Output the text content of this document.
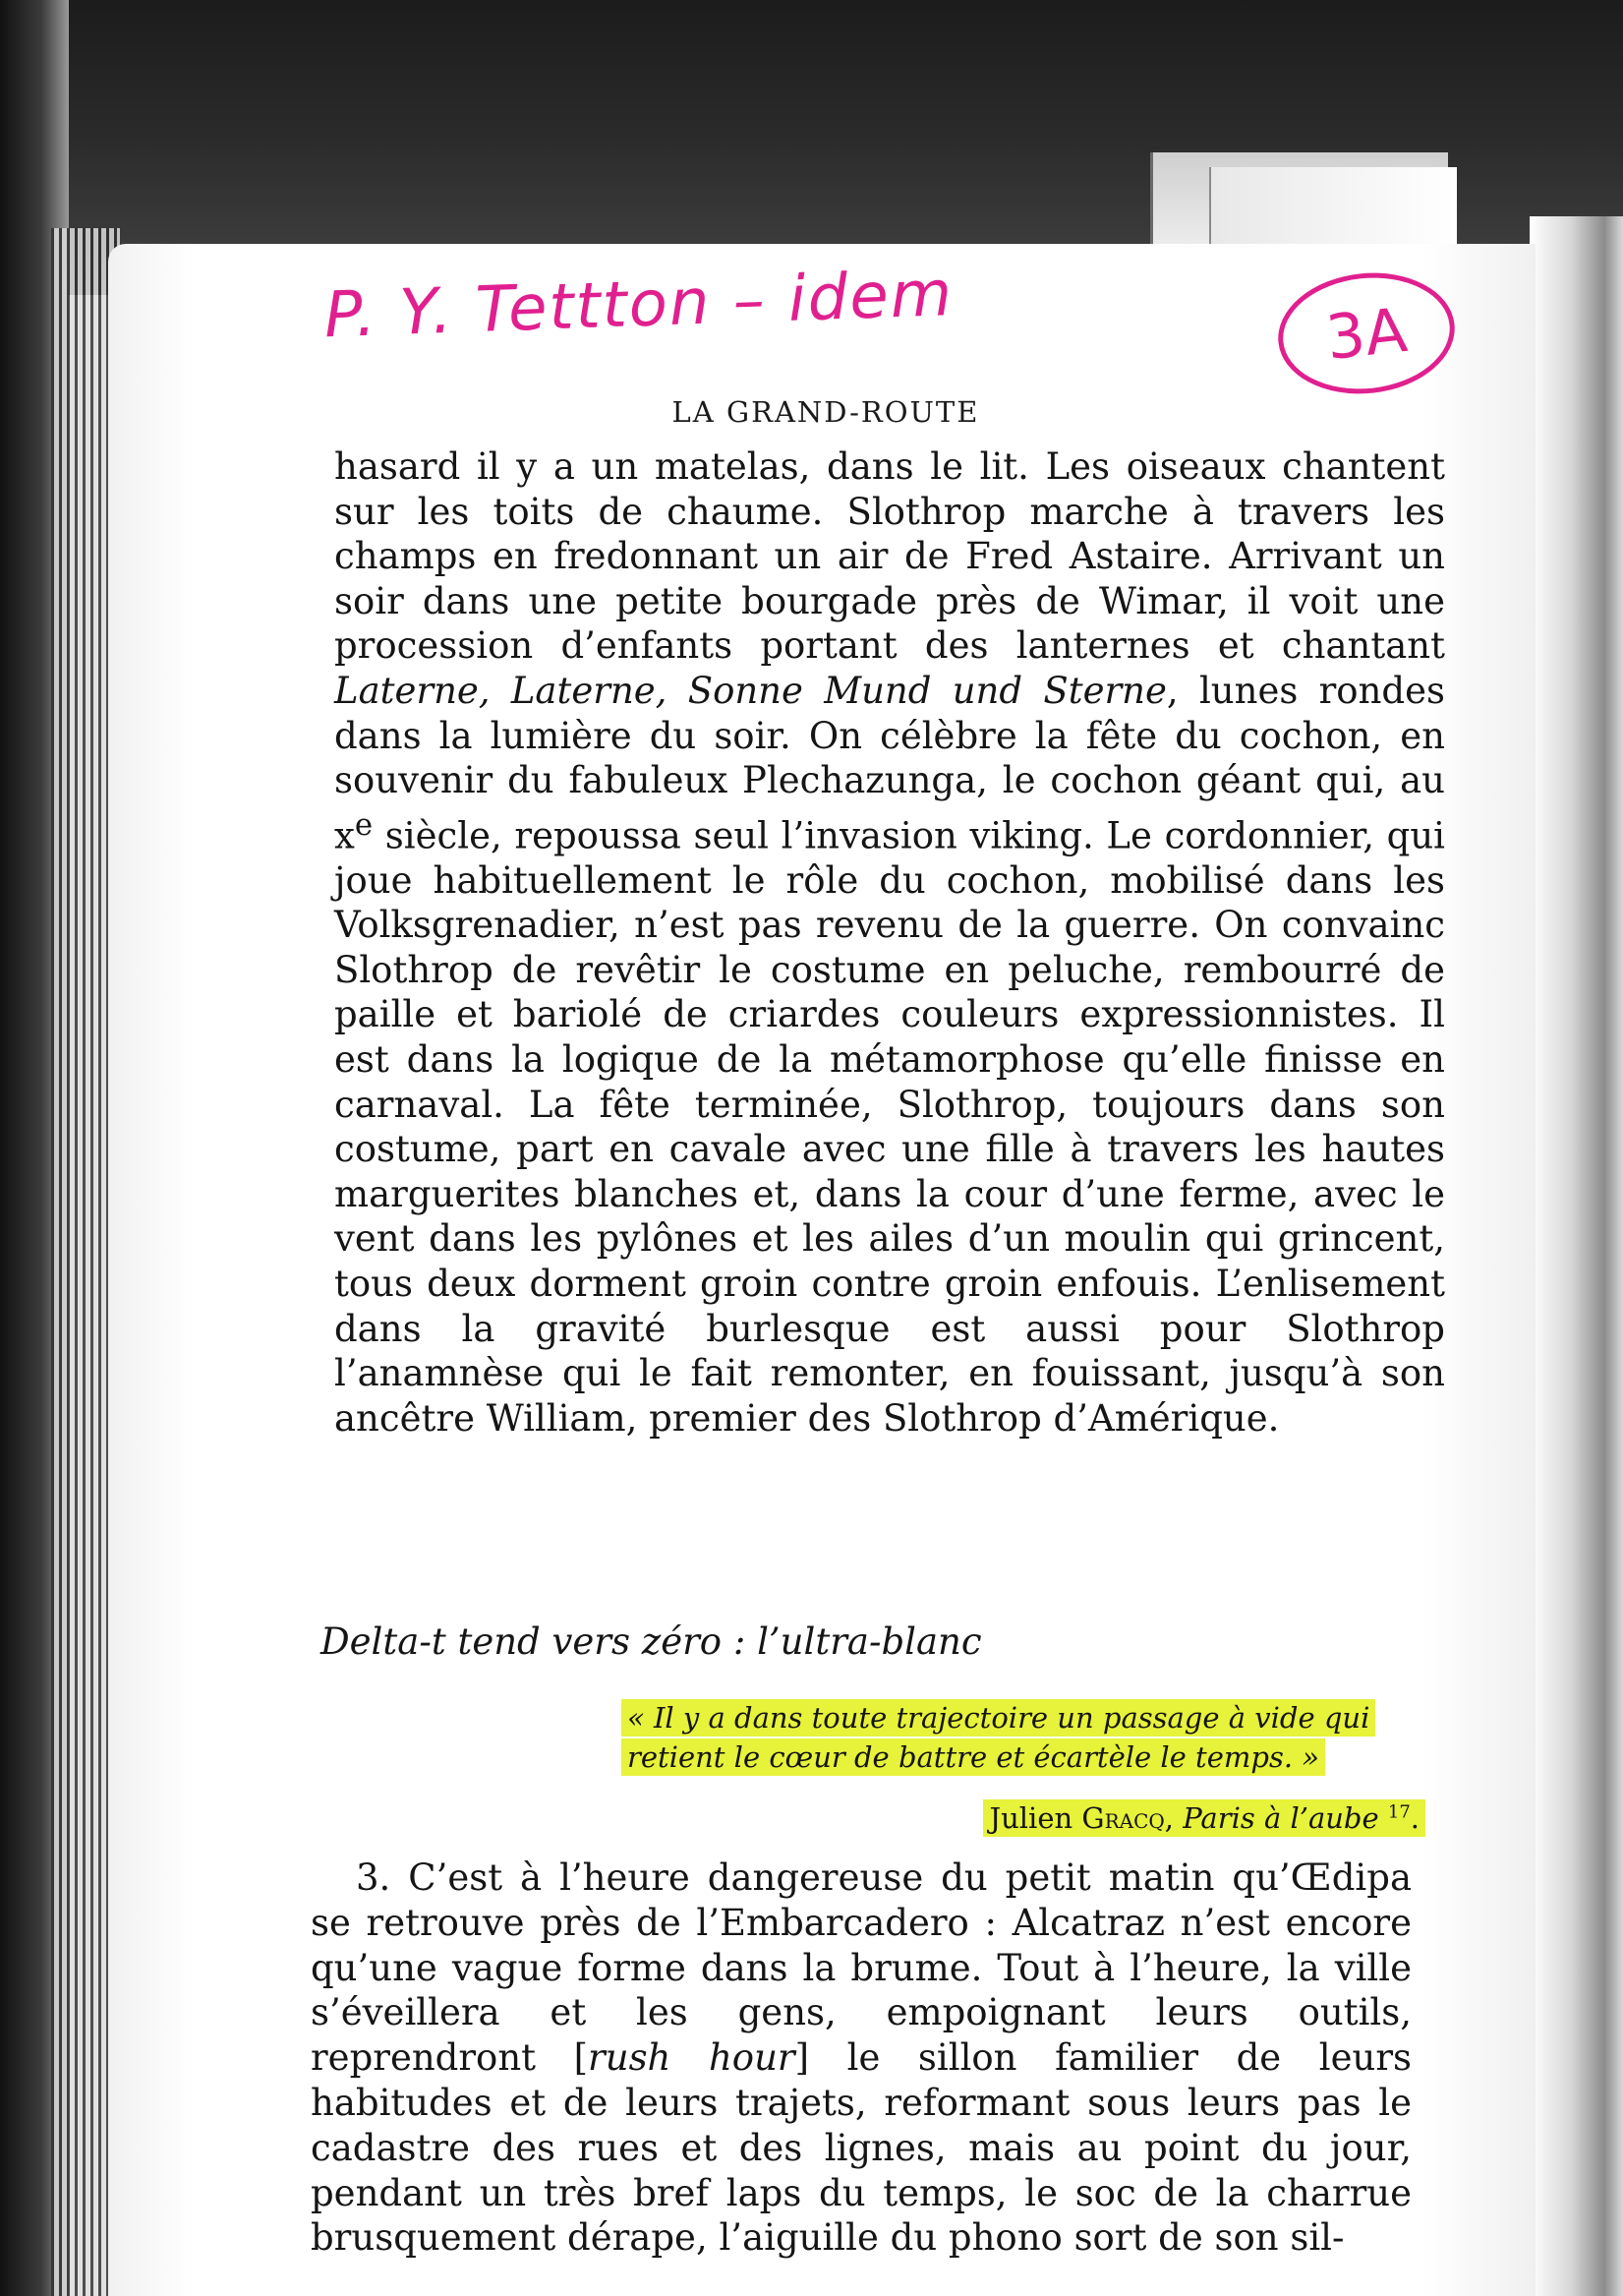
P. Y. Tettton – idem	3A
LA GRAND-ROUTE
hasard il y a un matelas, dans le lit. Les oiseaux chantent sur les toits de chaume. Slothrop marche à travers les champs en fredonnant un air de Fred Astaire. Arrivant un soir dans une petite bourgade près de Wimar, il voit une procession d’enfants portant des lanternes et chantant Laterne, Laterne, Sonne Mund und Sterne, lunes rondes dans la lumière du soir. On célèbre la fête du cochon, en souvenir du fabuleux Plechazunga, le cochon géant qui, au $x^e$ siècle, repoussa seul l’invasion viking. Le cordonnier, qui joue habituellement le rôle du cochon, mobilisé dans les Volksgrenadier, n’est pas revenu de la guerre. On convainc Slothrop de revêtir le costume en peluche, rembourré de paille et bariolé de criardes couleurs expressionnistes. Il est dans la logique de la métamorphose qu’elle finisse en carnaval. La fête terminée, Slothrop, toujours dans son costume, part en cavale avec une fille à travers les hautes marguerites blanches et, dans la cour d’une ferme, avec le vent dans les pylônes et les ailes d’un moulin qui grincent, tous deux dorment groin contre groin enfouis. L’enlisement dans la gravité burlesque est aussi pour Slothrop l’anamnèse qui le fait remonter, en fouissant, jusqu’à son ancêtre William, premier des Slothrop d’Amérique.
Delta-t tend vers zéro : l’ultra-blanc
« Il y a dans toute trajectoire un passage à vide qui
retient le cœur de battre et écartèle le temps. »
Julien Gracq, Paris à l’aube $^{17}$.
3. C’est à l’heure dangereuse du petit matin qu’Œdipa se retrouve près de l’Embarcadero : Alcatraz n’est encore qu’une vague forme dans la brume. Tout à l’heure, la ville s’éveillera et les gens, empoignant leurs outils, reprendront [rush hour] le sillon familier de leurs habitudes et de leurs trajets, reformant sous leurs pas le cadastre des rues et des lignes, mais au point du jour, pendant un très bref laps du temps, le soc de la charrue brusquement dérape, l’aiguille du phono sort de son sil-
